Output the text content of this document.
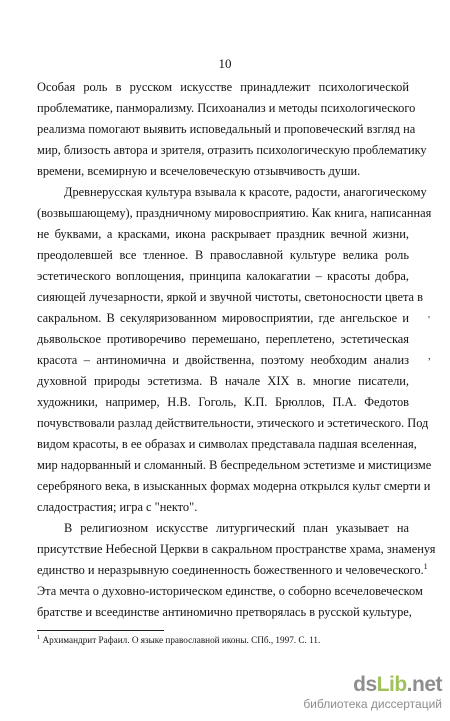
10
Особая роль в русском искусстве принадлежит психологической
проблематике, панморализму. Психоанализ и методы психологического
реализма помогают выявить исповедальный и проповеческий взгляд на
мир, близость автора и зрителя, отразить психологическую проблематику
времени, всемирную и всечеловеческую отзывчивость души.
Древнерусская культура взывала к красоте, радости, анагогическому
(возвышающему), праздничному мировосприятию. Как книга, написанная
не буквами, а красками, икона раскрывает праздник вечной жизни,
преодолевшей все тленное. В православной культуре велика роль
эстетического воплощения, принципа калокагатии – красоты добра,
сияющей лучезарности, яркой и звучной чистоты, светоносности цвета в
сакральном. В секуляризованном мировосприятии, где ангельское и
дьявольское противоречиво перемешано, переплетено, эстетическая
красота – антиномична и двойственна, поэтому необходим анализ
духовной природы эстетизма. В начале XIX в. многие писатели,
художники, например, Н.В. Гоголь, К.П. Брюллов, П.А. Федотов
почувствовали разлад действительности, этического и эстетического. Под
видом красоты, в ее образах и символах представала падшая вселенная,
мир надорванный и сломанный. В беспредельном эстетизме и мистицизме
серебряного века, в изысканных формах модерна открылся культ смерти и
сладострастия; игра с "некто".
В религиозном искусстве литургический план указывает на
присутствие Небесной Церкви в сакральном пространстве храма, знаменуя
единство и неразрывную соединенность божественного и человеческого.$^1$
Эта мечта о духовно-историческом единстве, о соборно всечеловеческом
братстве и всеединстве антиномично претворялась в русской культуре,
'
,
$^1$ Архимандрит Рафаил. О языке православной иконы. СПб., 1997. С. 11.
dsLib.net
библиотека диссертаций
